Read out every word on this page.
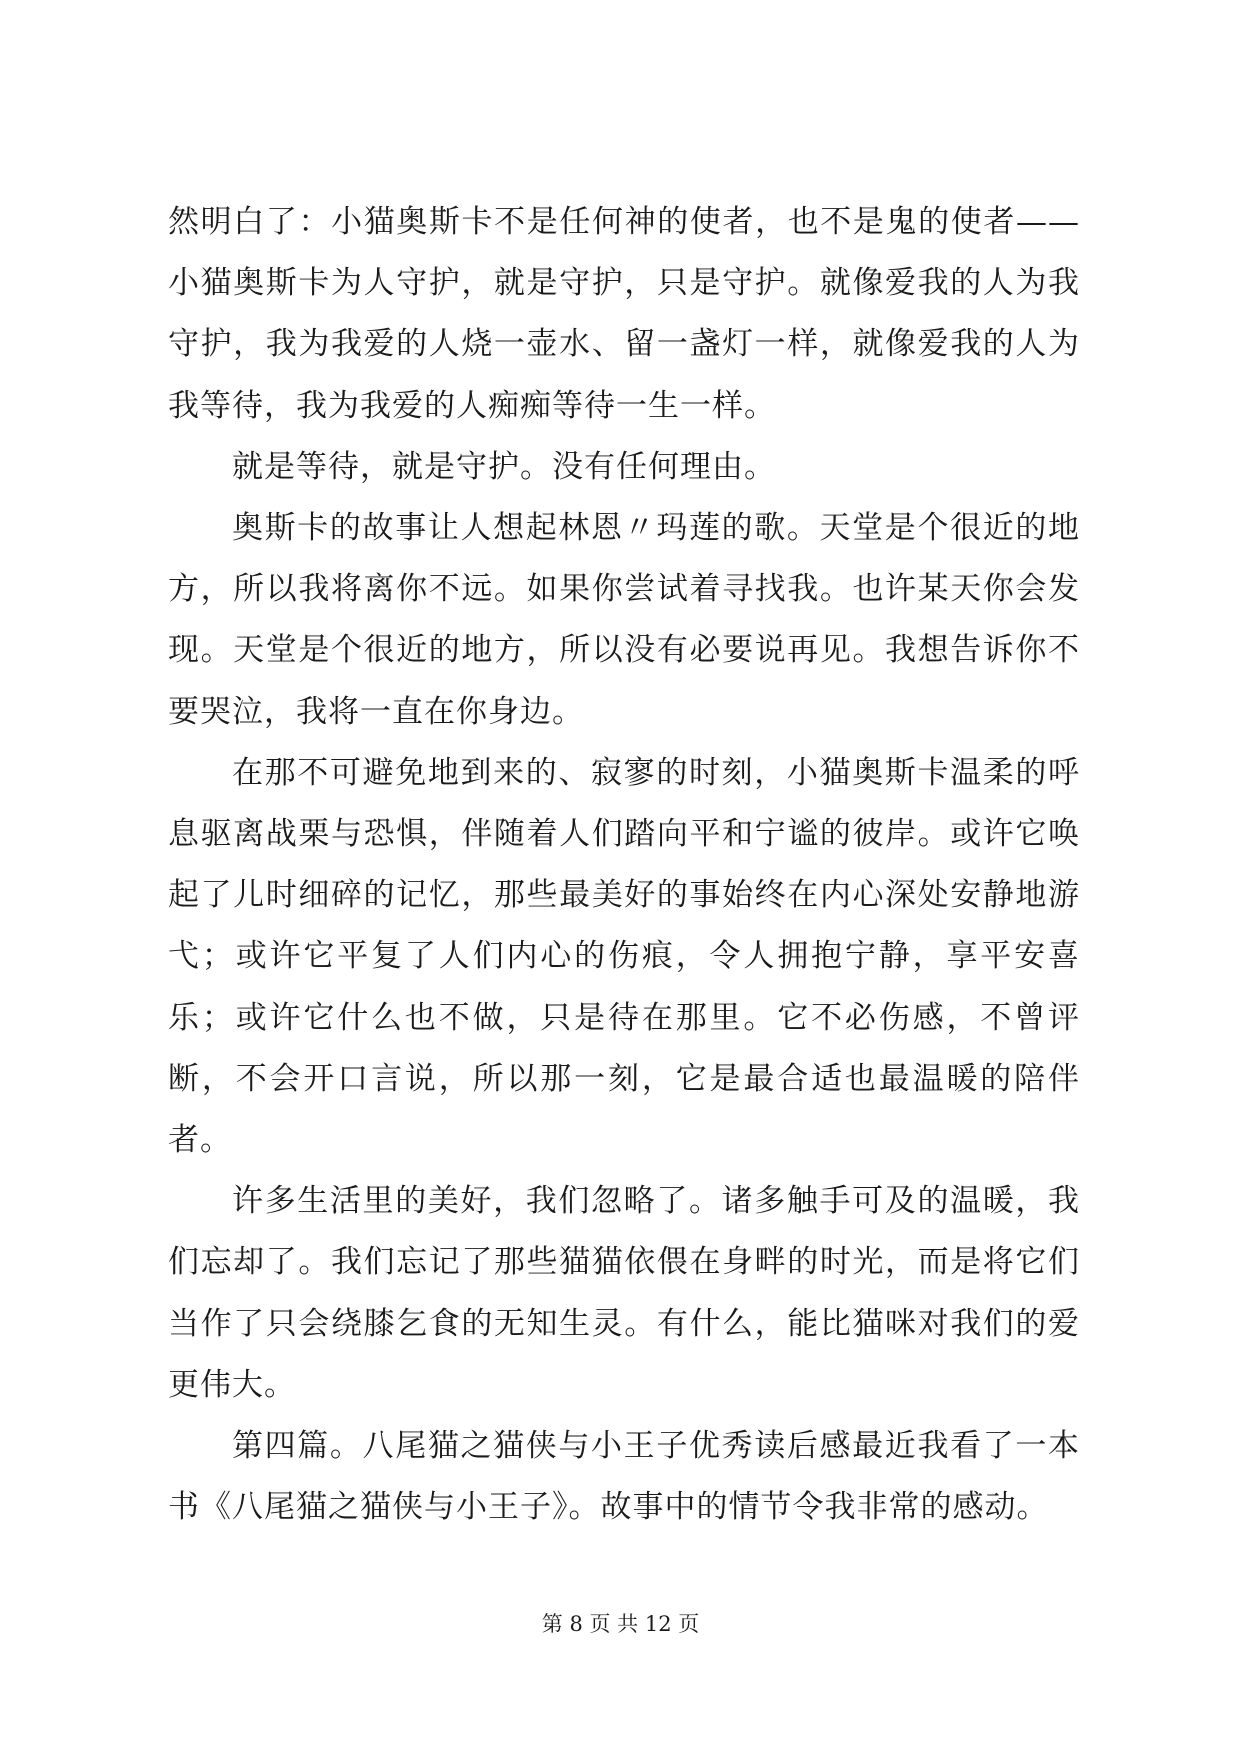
然明白了：小猫奥斯卡不是任何神的使者，也不是鬼的使者——小猫奥斯卡为人守护，就是守护，只是守护。就像爱我的人为我守护，我为我爱的人烧一壶水、留一盏灯一样，就像爱我的人为我等待，我为我爱的人痴痴等待一生一样。

就是等待，就是守护。没有任何理由。

奥斯卡的故事让人想起林恩〃玛莲的歌。天堂是个很近的地方，所以我将离你不远。如果你尝试着寻找我。也许某天你会发现。天堂是个很近的地方，所以没有必要说再见。我想告诉你不要哭泣，我将一直在你身边。

在那不可避免地到来的、寂寥的时刻，小猫奥斯卡温柔的呼息驱离战栗与恐惧，伴随着人们踏向平和宁谧的彼岸。或许它唤起了儿时细碎的记忆，那些最美好的事始终在内心深处安静地游弋；或许它平复了人们内心的伤痕，令人拥抱宁静，享平安喜乐；或许它什么也不做，只是待在那里。它不必伤感，不曾评断，不会开口言说，所以那一刻，它是最合适也最温暖的陪伴者。

许多生活里的美好，我们忽略了。诸多触手可及的温暖，我们忘却了。我们忘记了那些猫猫依偎在身畔的时光，而是将它们当作了只会绕膝乞食的无知生灵。有什么，能比猫咪对我们的爱更伟大。

第四篇。八尾猫之猫侠与小王子优秀读后感最近我看了一本书《八尾猫之猫侠与小王子》。故事中的情节令我非常的感动。

第 8 页 共 12 页
